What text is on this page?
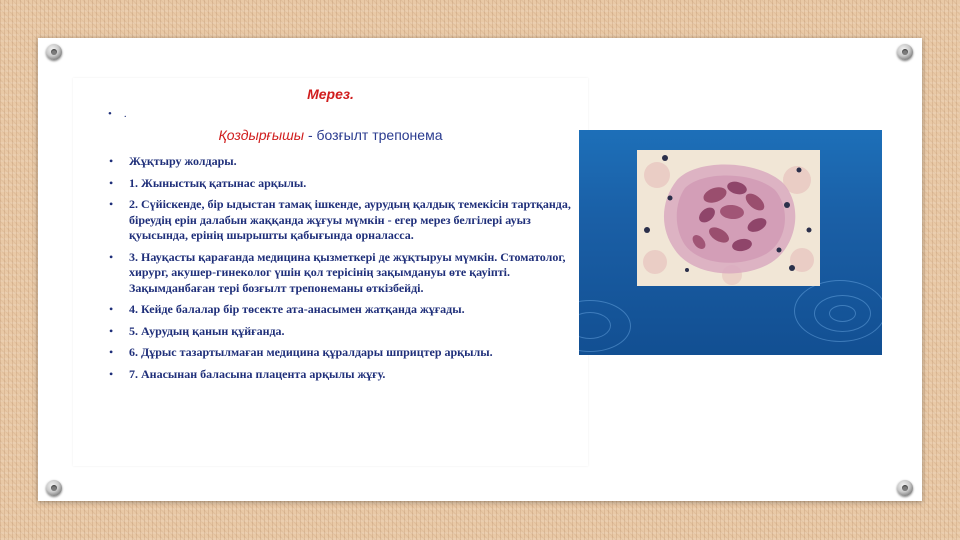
Мерез.
• .
Қоздырғышы - бозғылт трепонема
• Жұқтыру жолдары.
• 1. Жыныстық қатынас арқылы.
• 2. Сүйіскенде, бір ыдыстан тамақ ішкенде, аурудың қалдық темекісін тартқанда, біреудің ерін далабын жаққанда жұғуы мүмкін - егер мерез белгілері ауыз қуысында, ерінің шырышты қабығында орналасса.
• 3. Науқасты қарағанда медицина қызметкері де жұқтыруы мүмкін. Стоматолог, хирург, акушер-гинеколог үшін қол терісінің зақымдануы өте қауіпті. Зақымданбаған тері бозғылт трепонеманы өткізбейді.
• 4. Кейде балалар бір төсекте ата-анасымен жатқанда жұғады.
• 5. Аурудың қанын құйғанда.
• 6. Дұрыс тазартылмаған медицина құралдары шприцтер арқылы.
• 7. Анасынан баласына плацента арқылы жұғу.
